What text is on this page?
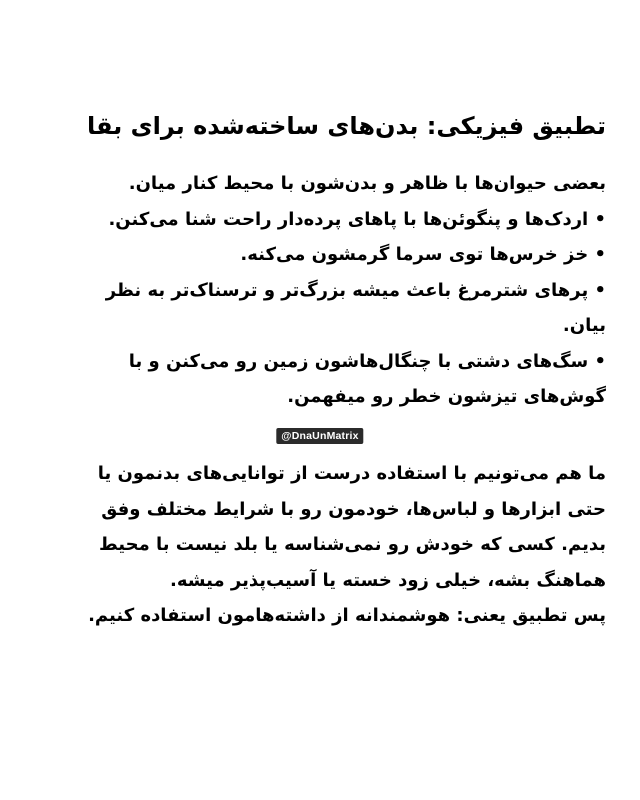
تطبیق فیزیکی: بدن‌های ساخته‌شده برای بقا
بعضی حیوان‌ها با ظاهر و بدن‌شون با محیط کنار میان.
• اردک‌ها و پنگوئن‌ها با پاهای پرده‌دار راحت شنا می‌کنن.
• خز خرس‌ها توی سرما گرمشون می‌کنه.
• پرهای شترمرغ باعث میشه بزرگ‌تر و ترسناک‌تر به نظر
بیان.
• سگ‌های دشتی با چنگال‌هاشون زمین رو می‌کنن و با
گوش‌های تیزشون خطر رو میفهمن.
@DnaUnMatrix
ما هم می‌تونیم با استفاده درست از توانایی‌های بدنمون یا
حتی ابزارها و لباس‌ها، خودمون رو با شرایط مختلف وفق
بدیم. کسی که خودش رو نمی‌شناسه یا بلد نیست با محیط
هماهنگ بشه، خیلی زود خسته یا آسیب‌پذیر میشه.
پس تطبیق یعنی: هوشمندانه از داشته‌هامون استفاده کنیم.
